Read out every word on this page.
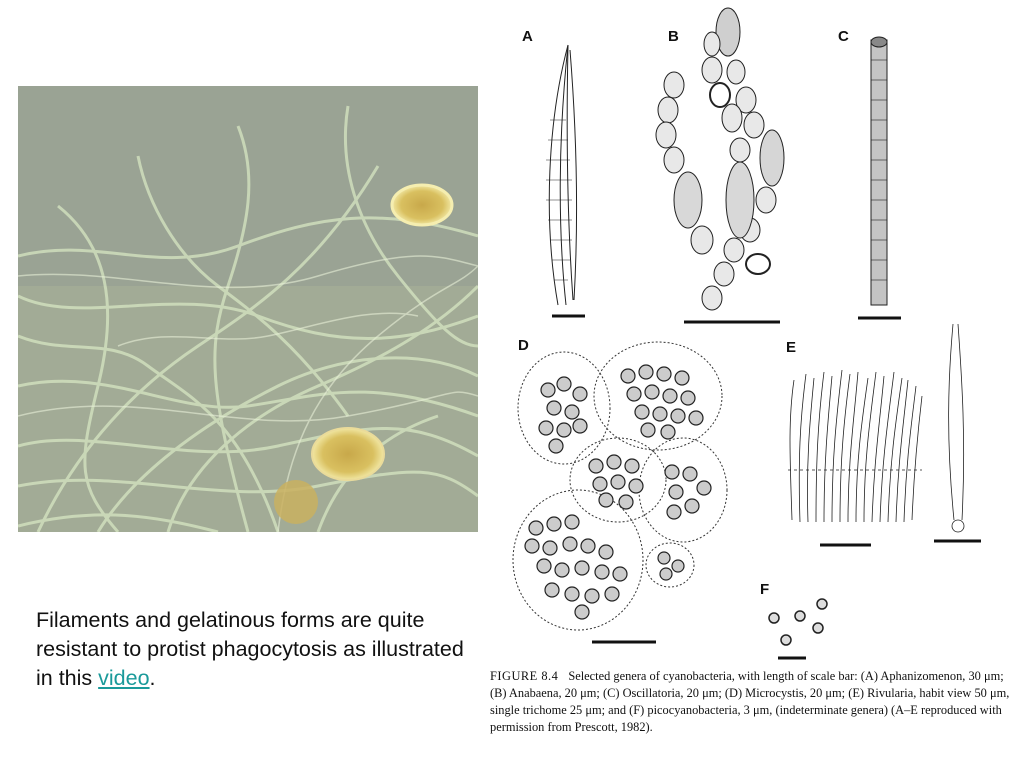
Filaments and gelatinous forms are quite resistant to protist phagocytosis as illustrated in this video.
A	B	C
D	E
F
FIGURE 8.4 Selected genera of cyanobacteria, with length of scale bar: (A) Aphanizomenon, 30 μm; (B) Anabaena, 20 μm; (C) Oscillatoria, 20 μm; (D) Microcystis, 20 μm; (E) Rivularia, habit view 50 μm, single trichome 25 μm; and (F) picocyanobacteria, 3 μm, (indeterminate genera) (A–E reproduced with permission from Prescott, 1982).
